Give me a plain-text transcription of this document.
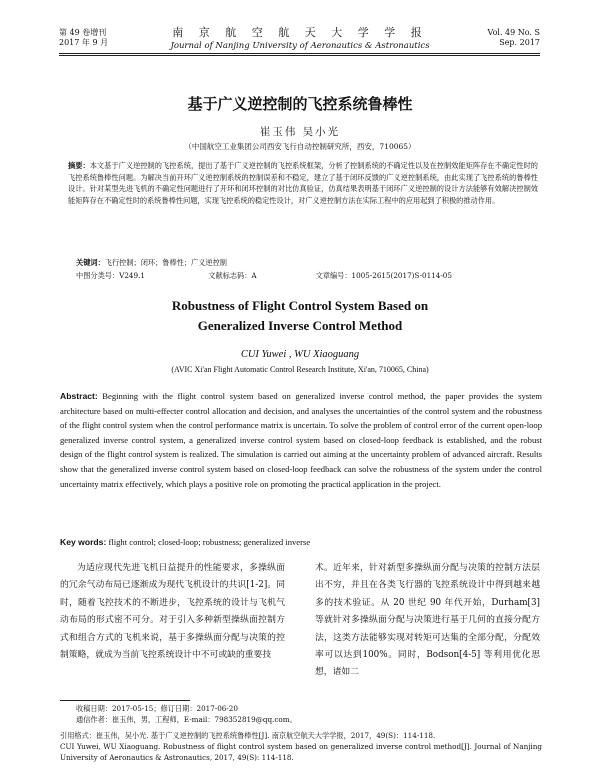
第 49 卷增刊
2017 年 9 月
南 京 航 空 航 天 大 学 学 报
Journal of Nanjing University of Aeronautics & Astronautics
Vol. 49 No. S
Sep. 2017
基于广义逆控制的飞控系统鲁棒性
崔玉伟 吴小光
（中国航空工业集团公司西安飞行自动控制研究所，西安，710065）
摘要：本文基于广义逆控制的飞控系统，提出了基于广义逆控制的飞控系统框架，分析了控制系统的不确定性以及在控制效能矩阵存在不确定性时的飞控系统鲁棒性问题。为解决当前开环广义逆控制系统的控制误差和不稳定，建立了基于闭环反馈的广义逆控制系统，由此实现了飞控系统的鲁棒性设计。针对某型先进飞机的不确定性问题进行了开环和闭环控制的对比仿真验证，仿真结果表明基于闭环广义逆控制的设计方法能够有效解决控制效能矩阵存在不确定性时的系统鲁棒性问题，实现飞控系统的稳定性设计，对广义逆控制方法在实际工程中的应用起到了积极的推动作用。
关键词：飞行控制；闭环；鲁棒性；广义逆控制
中图分类号：V249.1	文献标志码：A	文章编号：1005-2615(2017)S-0114-05
Robustness of Flight Control System Based on
Generalized Inverse Control Method
CUI Yuwei , WU Xiaoguang
(AVIC Xi'an Flight Automatic Control Research Institute, Xi'an, 710065, China)
Abstract: Beginning with the flight control system based on generalized inverse control method, the paper provides the system architecture based on multi-effecter control allocation and decision, and analyses the uncertainties of the control system and the robustness of the flight control system when the control performance matrix is uncertain. To solve the problem of control error of the current open-loop generalized inverse control system, a generalized inverse control system based on closed-loop feedback is established, and the robust design of the flight control system is realized. The simulation is carried out aiming at the uncertainty problem of advanced aircraft. Results show that the generalized inverse control system based on closed-loop feedback can solve the robustness of the system under the control uncertainty matrix effectively, which plays a positive role on promoting the practical application in the project.
Key words: flight control; closed-loop; robustness; generalized inverse
为适应现代先进飞机日益提升的性能要求，多操纵面的冗余气动布局已逐渐成为现代飞机设计的共识[1-2]。同时，随着飞控技术的不断进步，飞控系统的设计与飞机气动布局的形式密不可分。对于引入多种新型操纵面控制方式和组合方式的飞机来说，基于多操纵面分配与决策的控制策略，就成为当前飞控系统设计中不可或缺的重要技
术。近年来，针对新型多操纵面分配与决策的控制方法层出不穷，并且在各类飞行器的飞控系统设计中得到越来越多的技术验证。从 20 世纪 90 年代开始，Durham[3] 等就针对多操纵面分配与决策进行基于几何的直接分配方法，这类方法能够实现对转矩可达集的全部分配，分配效率可以达到100%。同时，Bodson[4-5] 等利用优化思想，诸如二
收稿日期：2017-05-15；修订日期：2017-06-20
通信作者：崔玉伟，男，工程师，E-mail：798352819@qq.com。
引用格式：崔玉伟，吴小光. 基于广义逆控制的飞控系统鲁棒性[J]. 南京航空航天大学学报，2017，49(S)：114-118.
CUI Yuwei, WU Xiaoguang. Robustness of flight control system based on generalized inverse control method[J]. Journal of Nanjing University of Aeronautics & Astronautics, 2017, 49(S): 114-118.
